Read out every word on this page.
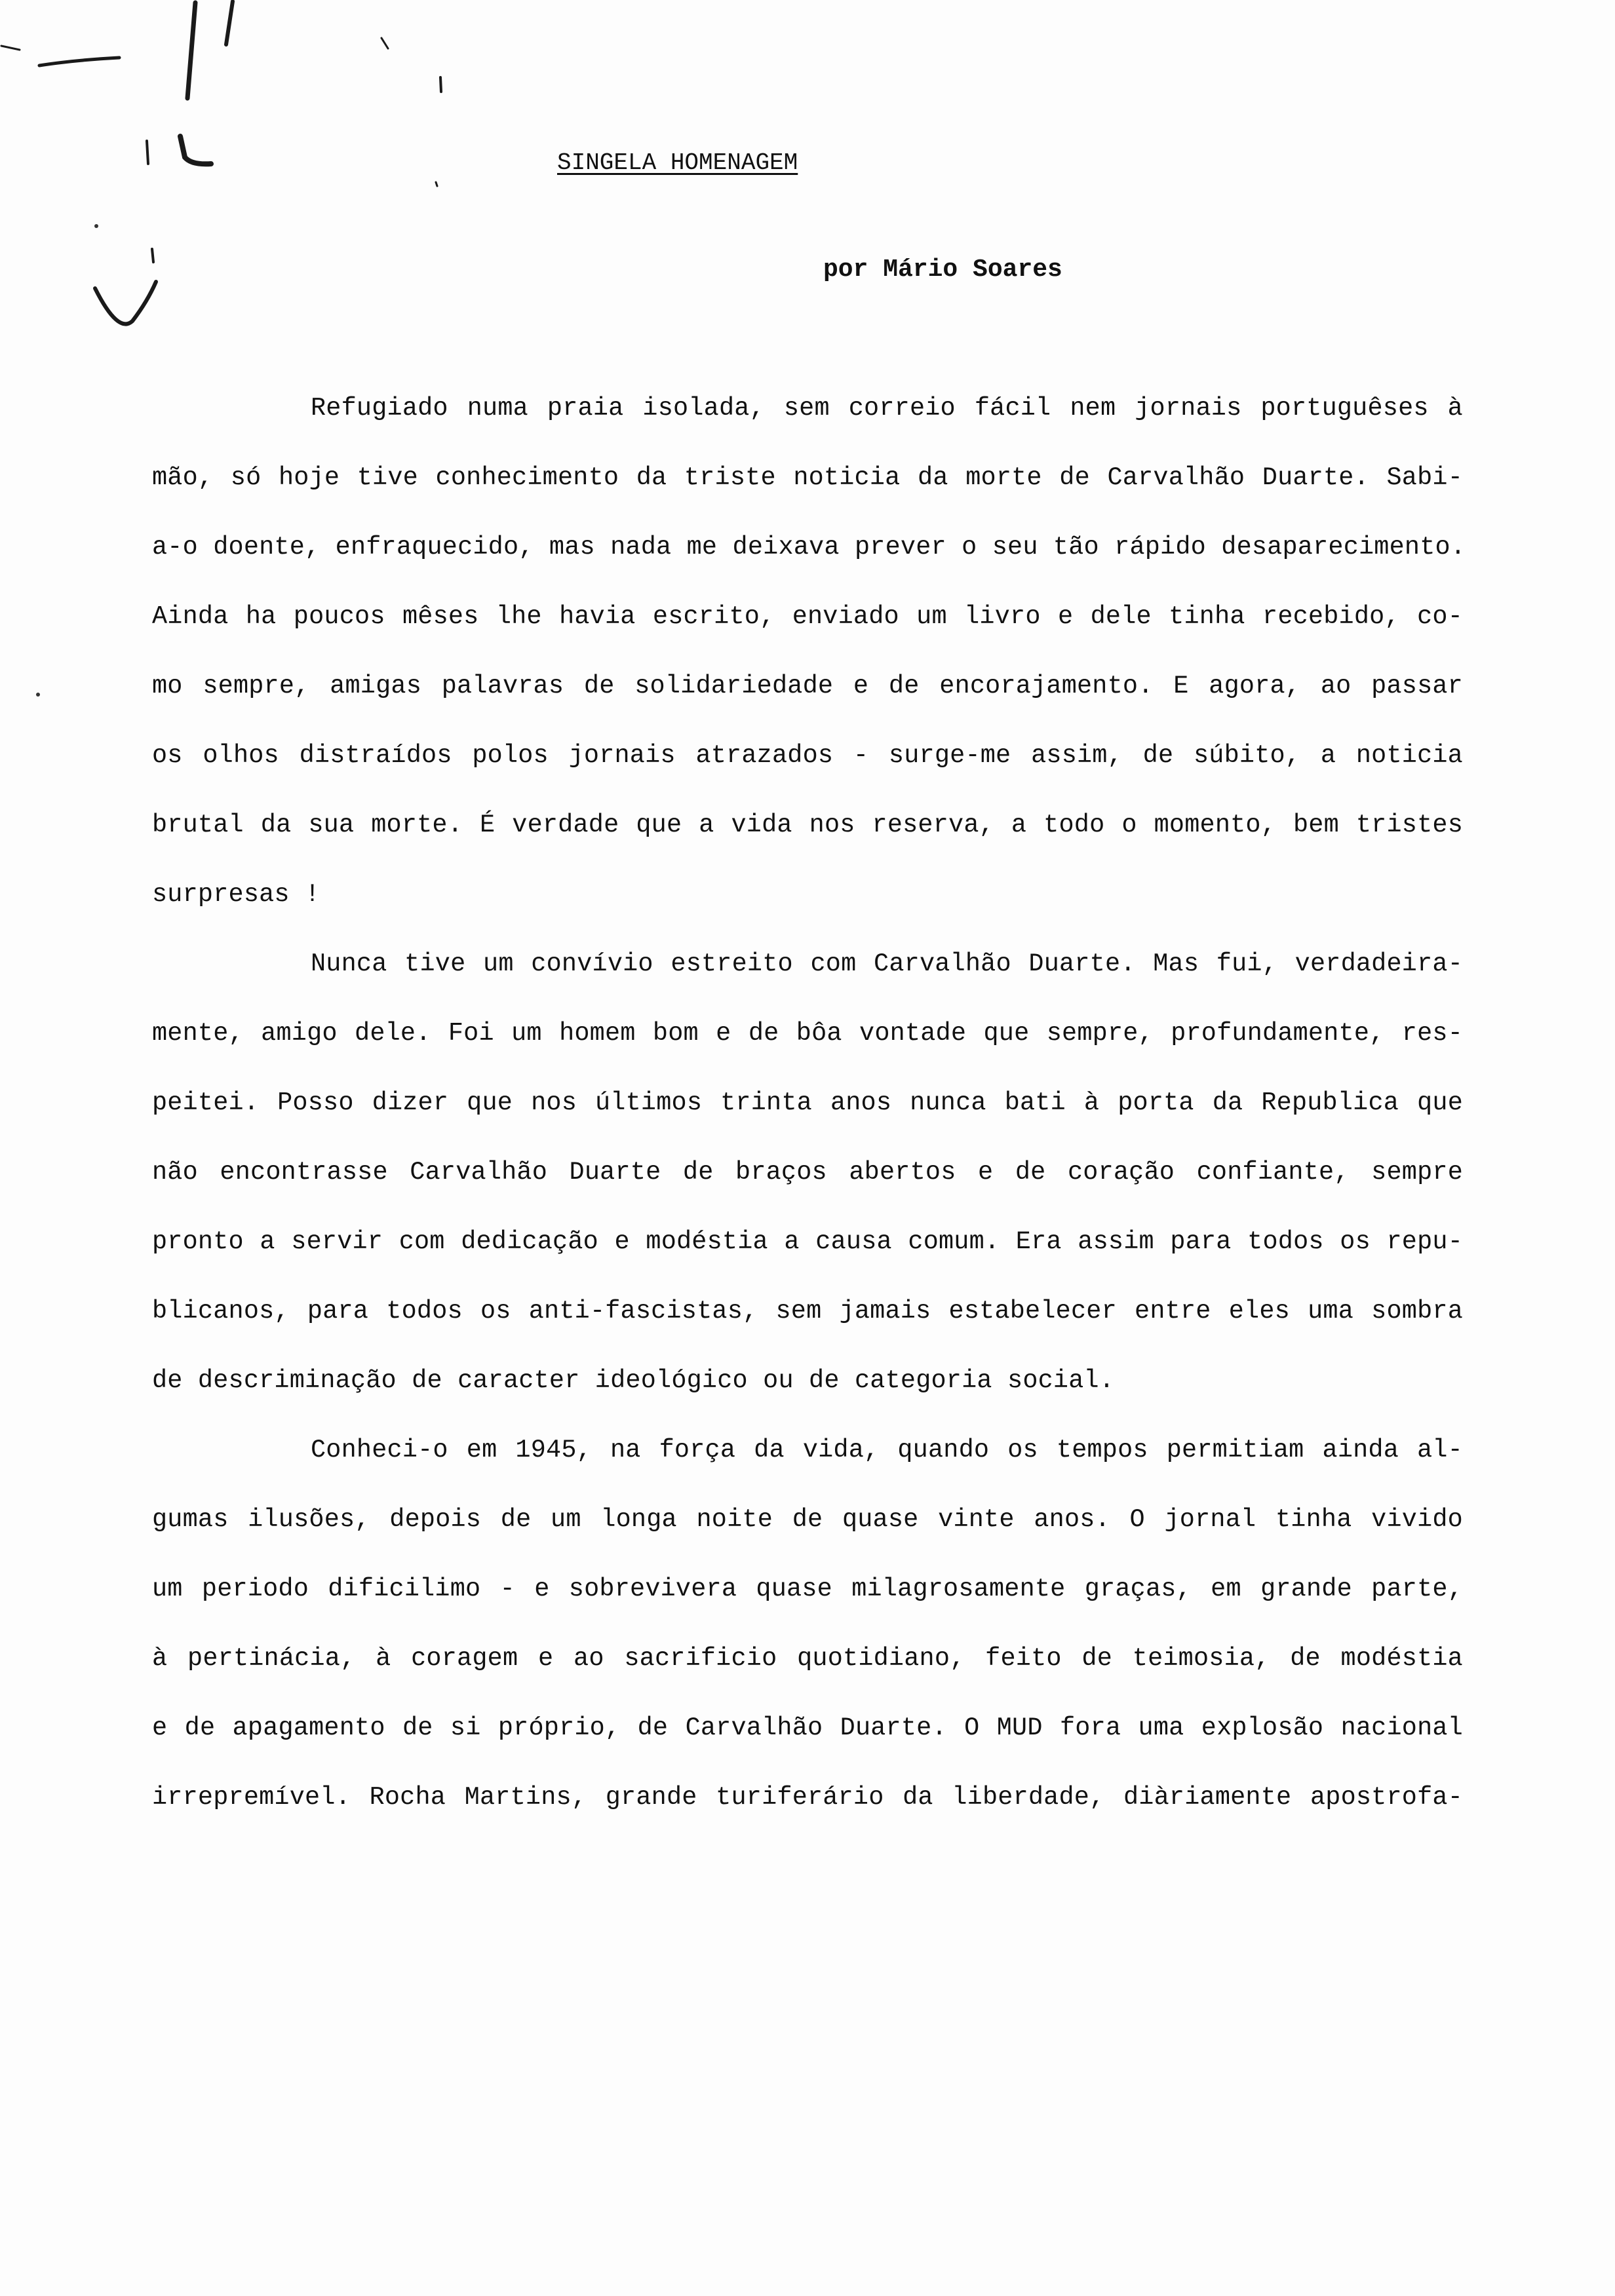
SINGELA HOMENAGEM
por Mário Soares
Refugiado numa praia isolada, sem correio fácil nem jornais portuguêses à
mão, só hoje tive conhecimento da triste noticia da morte de Carvalhão Duarte. Sabi-
a-o doente, enfraquecido, mas nada me deixava prever o seu tão rápido desaparecimento.
Ainda ha poucos mêses lhe havia escrito, enviado um livro e dele tinha recebido, co-
mo sempre, amigas palavras de solidariedade e de encorajamento. E agora, ao passar
os olhos distraídos polos jornais atrazados - surge-me assim, de súbito, a noticia
brutal da sua morte. É verdade que a vida nos reserva, a todo o momento, bem tristes
surpresas !
Nunca tive um convívio estreito com Carvalhão Duarte. Mas fui, verdadeira-
mente, amigo dele. Foi um homem bom e de bôa vontade que sempre, profundamente, res-
peitei. Posso dizer que nos últimos trinta anos nunca bati à porta da Republica que
não encontrasse Carvalhão Duarte de braços abertos e de coração confiante, sempre
pronto a servir com dedicação e modéstia a causa comum. Era assim para todos os repu-
blicanos, para todos os anti-fascistas, sem jamais estabelecer entre eles uma sombra
de descriminação de caracter ideológico ou de categoria social.
Conheci-o em 1945, na força da vida, quando os tempos permitiam ainda al-
gumas ilusões, depois de um longa noite de quase vinte anos. O jornal tinha vivido
um periodo dificilimo - e sobrevivera quase milagrosamente graças, em grande parte,
à pertinácia, à coragem e ao sacrificio quotidiano, feito de teimosia, de modéstia
e de apagamento de si próprio, de Carvalhão Duarte. O MUD fora uma explosão nacional
irrepremível. Rocha Martins, grande turiferário da liberdade, diàriamente apostrofa-
